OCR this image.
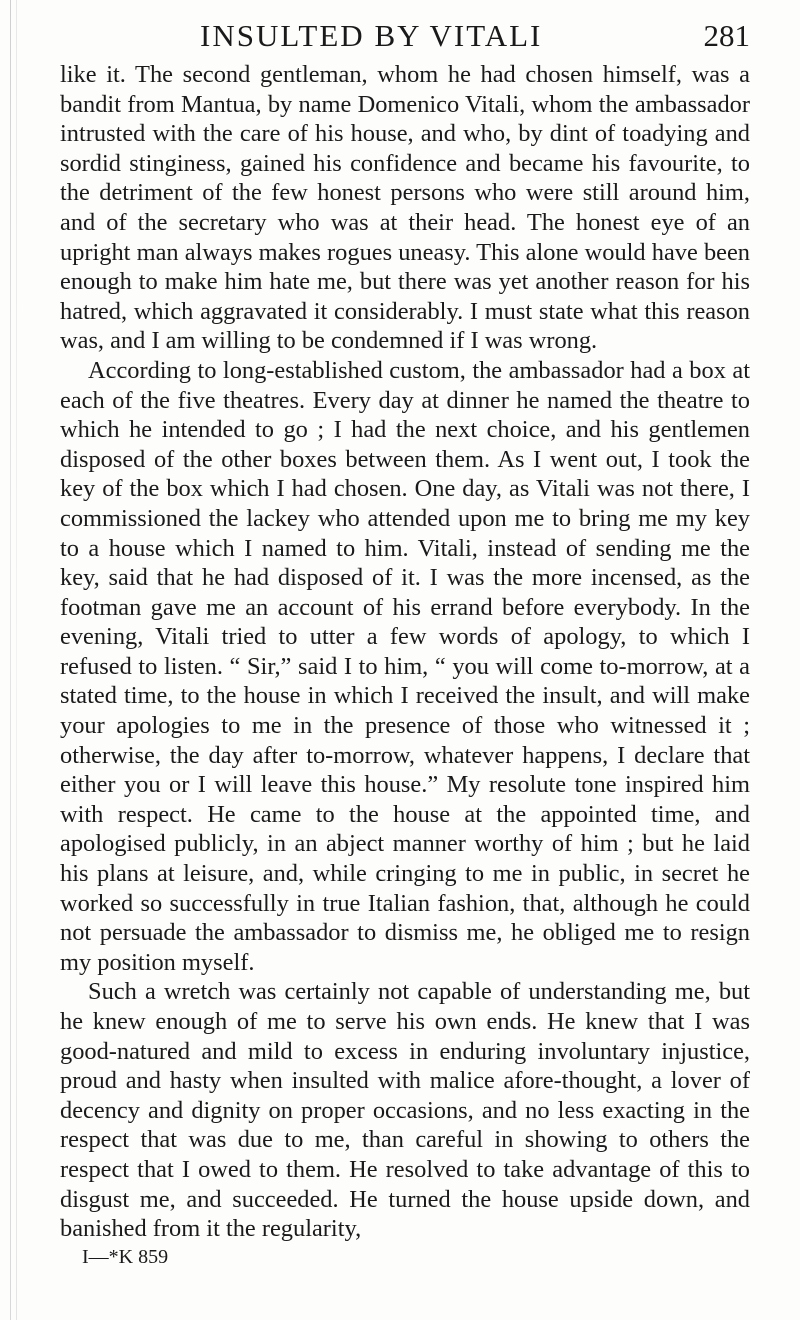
INSULTED BY VITALI	281

like it. The second gentleman, whom he had chosen himself, was a bandit from Mantua, by name Domenico Vitali, whom the ambassador intrusted with the care of his house, and who, by dint of toadying and sordid stinginess, gained his confidence and became his favourite, to the detriment of the few honest persons who were still around him, and of the secretary who was at their head. The honest eye of an upright man always makes rogues uneasy. This alone would have been enough to make him hate me, but there was yet another reason for his hatred, which aggravated it considerably. I must state what this reason was, and I am willing to be condemned if I was wrong.

According to long-established custom, the ambassador had a box at each of the five theatres. Every day at dinner he named the theatre to which he intended to go ; I had the next choice, and his gentlemen disposed of the other boxes between them. As I went out, I took the key of the box which I had chosen. One day, as Vitali was not there, I commissioned the lackey who attended upon me to bring me my key to a house which I named to him. Vitali, instead of sending me the key, said that he had disposed of it. I was the more incensed, as the footman gave me an account of his errand before everybody. In the evening, Vitali tried to utter a few words of apology, to which I refused to listen. “ Sir,” said I to him, “ you will come to-morrow, at a stated time, to the house in which I received the insult, and will make your apologies to me in the presence of those who witnessed it ; otherwise, the day after to-morrow, whatever happens, I declare that either you or I will leave this house.” My resolute tone inspired him with respect. He came to the house at the appointed time, and apologised publicly, in an abject manner worthy of him ; but he laid his plans at leisure, and, while cringing to me in public, in secret he worked so successfully in true Italian fashion, that, although he could not persuade the ambassador to dismiss me, he obliged me to resign my position myself.

Such a wretch was certainly not capable of understanding me, but he knew enough of me to serve his own ends. He knew that I was good-natured and mild to excess in enduring involuntary injustice, proud and hasty when insulted with malice afore-thought, a lover of decency and dignity on proper occasions, and no less exacting in the respect that was due to me, than careful in showing to others the respect that I owed to them. He resolved to take advantage of this to disgust me, and succeeded. He turned the house upside down, and banished from it the regularity,

I—*K 859
